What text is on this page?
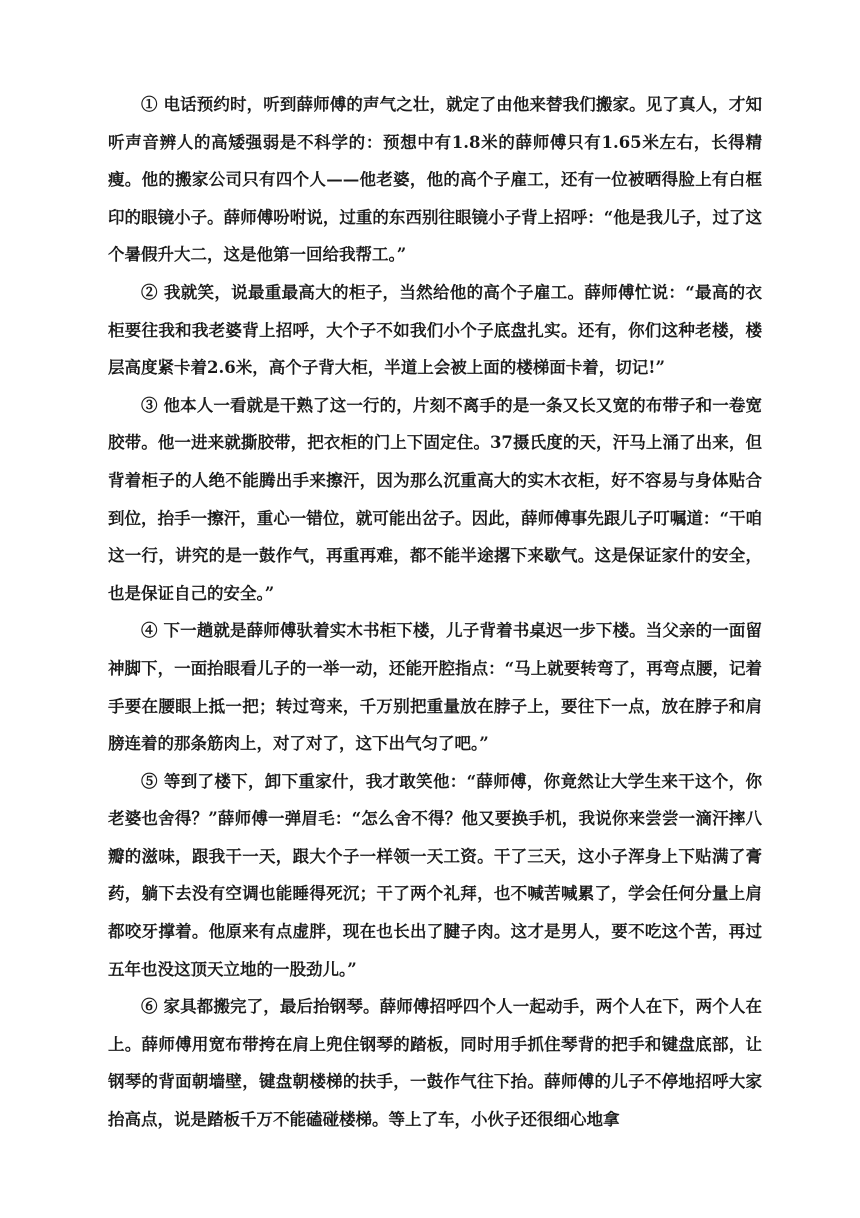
① 电话预约时，听到薛师傅的声气之壮，就定了由他来替我们搬家。见了真人，才知听声音辨人的高矮强弱是不科学的：预想中有1.8米的薛师傅只有1.65米左右，长得精瘦。他的搬家公司只有四个人——他老婆，他的高个子雇工，还有一位被晒得脸上有白框印的眼镜小子。薛师傅吩咐说，过重的东西别往眼镜小子背上招呼：“他是我儿子，过了这个暑假升大二，这是他第一回给我帮工。”

② 我就笑，说最重最高大的柜子，当然给他的高个子雇工。薛师傅忙说：“最高的衣柜要往我和我老婆背上招呼，大个子不如我们小个子底盘扎实。还有，你们这种老楼，楼层高度紧卡着2.6米，高个子背大柜，半道上会被上面的楼梯面卡着，切记!”

③ 他本人一看就是干熟了这一行的，片刻不离手的是一条又长又宽的布带子和一卷宽胶带。他一进来就撕胶带，把衣柜的门上下固定住。37摄氏度的天，汗马上涌了出来，但背着柜子的人绝不能腾出手来擦汗，因为那么沉重高大的实木衣柜，好不容易与身体贴合到位，抬手一擦汗，重心一错位，就可能出岔子。因此，薛师傅事先跟儿子叮嘱道：“干咱这一行，讲究的是一鼓作气，再重再难，都不能半途撂下来歇气。这是保证家什的安全，也是保证自己的安全。”

④ 下一趟就是薛师傅驮着实木书柜下楼，儿子背着书桌迟一步下楼。当父亲的一面留神脚下，一面抬眼看儿子的一举一动，还能开腔指点：“马上就要转弯了，再弯点腰，记着手要在腰眼上抵一把；转过弯来，千万别把重量放在脖子上，要往下一点，放在脖子和肩膀连着的那条筋肉上，对了对了，这下出气匀了吧。”

⑤ 等到了楼下，卸下重家什，我才敢笑他：“薛师傅，你竟然让大学生来干这个，你老婆也舍得？”薛师傅一弹眉毛：“怎么舍不得？他又要换手机，我说你来尝尝一滴汗摔八瓣的滋味，跟我干一天，跟大个子一样领一天工资。干了三天，这小子浑身上下贴满了膏药，躺下去没有空调也能睡得死沉；干了两个礼拜，也不喊苦喊累了，学会任何分量上肩都咬牙撑着。他原来有点虚胖，现在也长出了腱子肉。这才是男人，要不吃这个苦，再过五年也没这顶天立地的一股劲儿。”

⑥ 家具都搬完了，最后抬钢琴。薛师傅招呼四个人一起动手，两个人在下，两个人在上。薛师傅用宽布带挎在肩上兜住钢琴的踏板，同时用手抓住琴背的把手和键盘底部，让钢琴的背面朝墙壁，键盘朝楼梯的扶手，一鼓作气往下抬。薛师傅的儿子不停地招呼大家抬高点，说是踏板千万不能磕碰楼梯。等上了车，小伙子还很细心地拿
